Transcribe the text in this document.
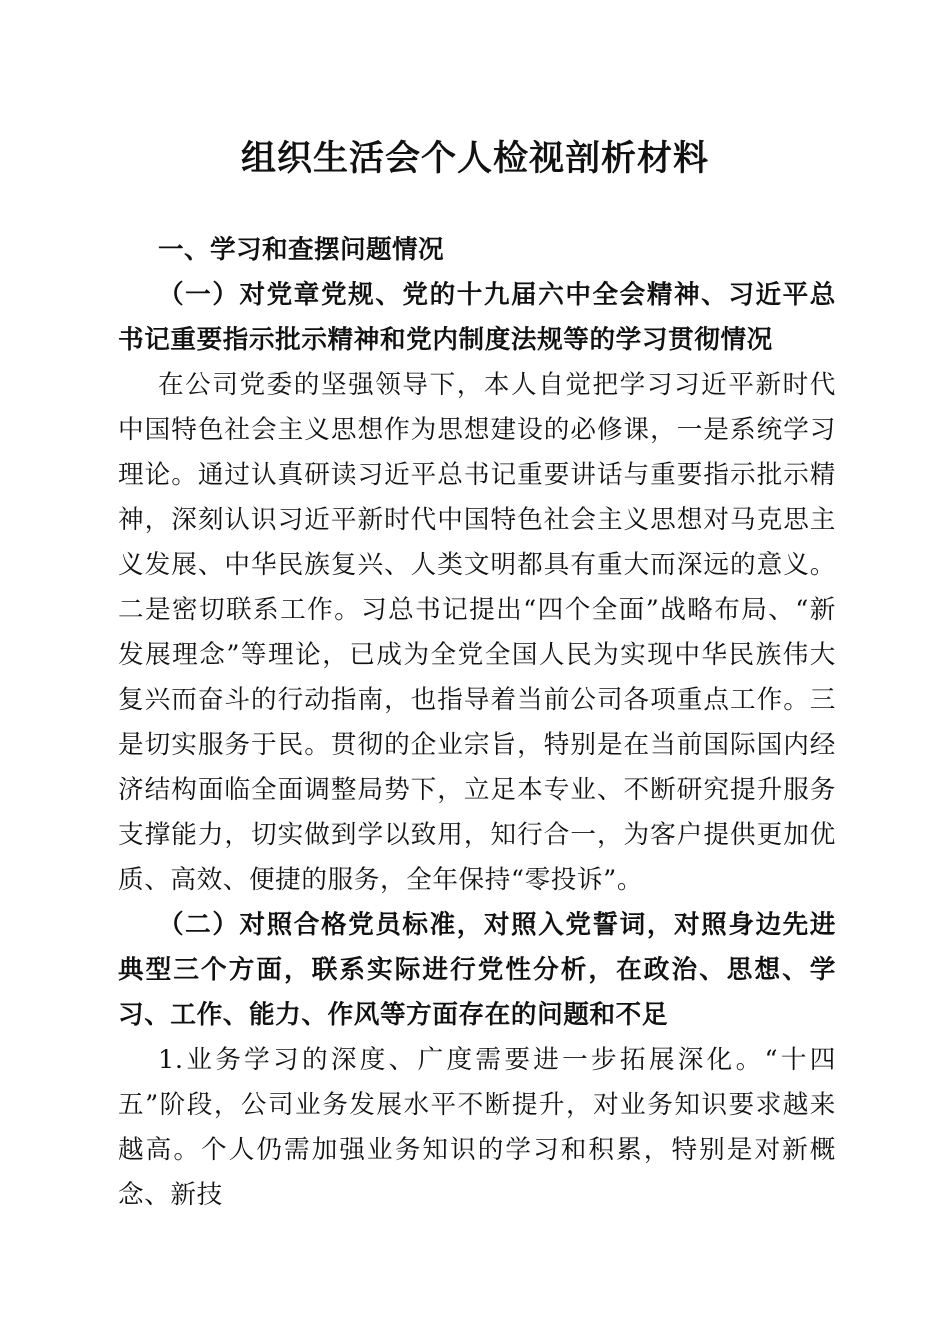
组织生活会个人检视剖析材料

一、学习和查摆问题情况

（一）对党章党规、党的十九届六中全会精神、习近平总书记重要指示批示精神和党内制度法规等的学习贯彻情况

在公司党委的坚强领导下，本人自觉把学习习近平新时代中国特色社会主义思想作为思想建设的必修课，一是系统学习理论。通过认真研读习近平总书记重要讲话与重要指示批示精神，深刻认识习近平新时代中国特色社会主义思想对马克思主义发展、中华民族复兴、人类文明都具有重大而深远的意义。二是密切联系工作。习总书记提出“四个全面”战略布局、“新发展理念”等理论，已成为全党全国人民为实现中华民族伟大复兴而奋斗的行动指南，也指导着当前公司各项重点工作。三是切实服务于民。贯彻的企业宗旨，特别是在当前国际国内经济结构面临全面调整局势下，立足本专业、不断研究提升服务支撑能力，切实做到学以致用，知行合一，为客户提供更加优质、高效、便捷的服务，全年保持“零投诉”。

（二）对照合格党员标准，对照入党誓词，对照身边先进典型三个方面，联系实际进行党性分析，在政治、思想、学习、工作、能力、作风等方面存在的问题和不足

1.业务学习的深度、广度需要进一步拓展深化。“十四五”阶段，公司业务发展水平不断提升，对业务知识要求越来越高。个人仍需加强业务知识的学习和积累，特别是对新概念、新技
